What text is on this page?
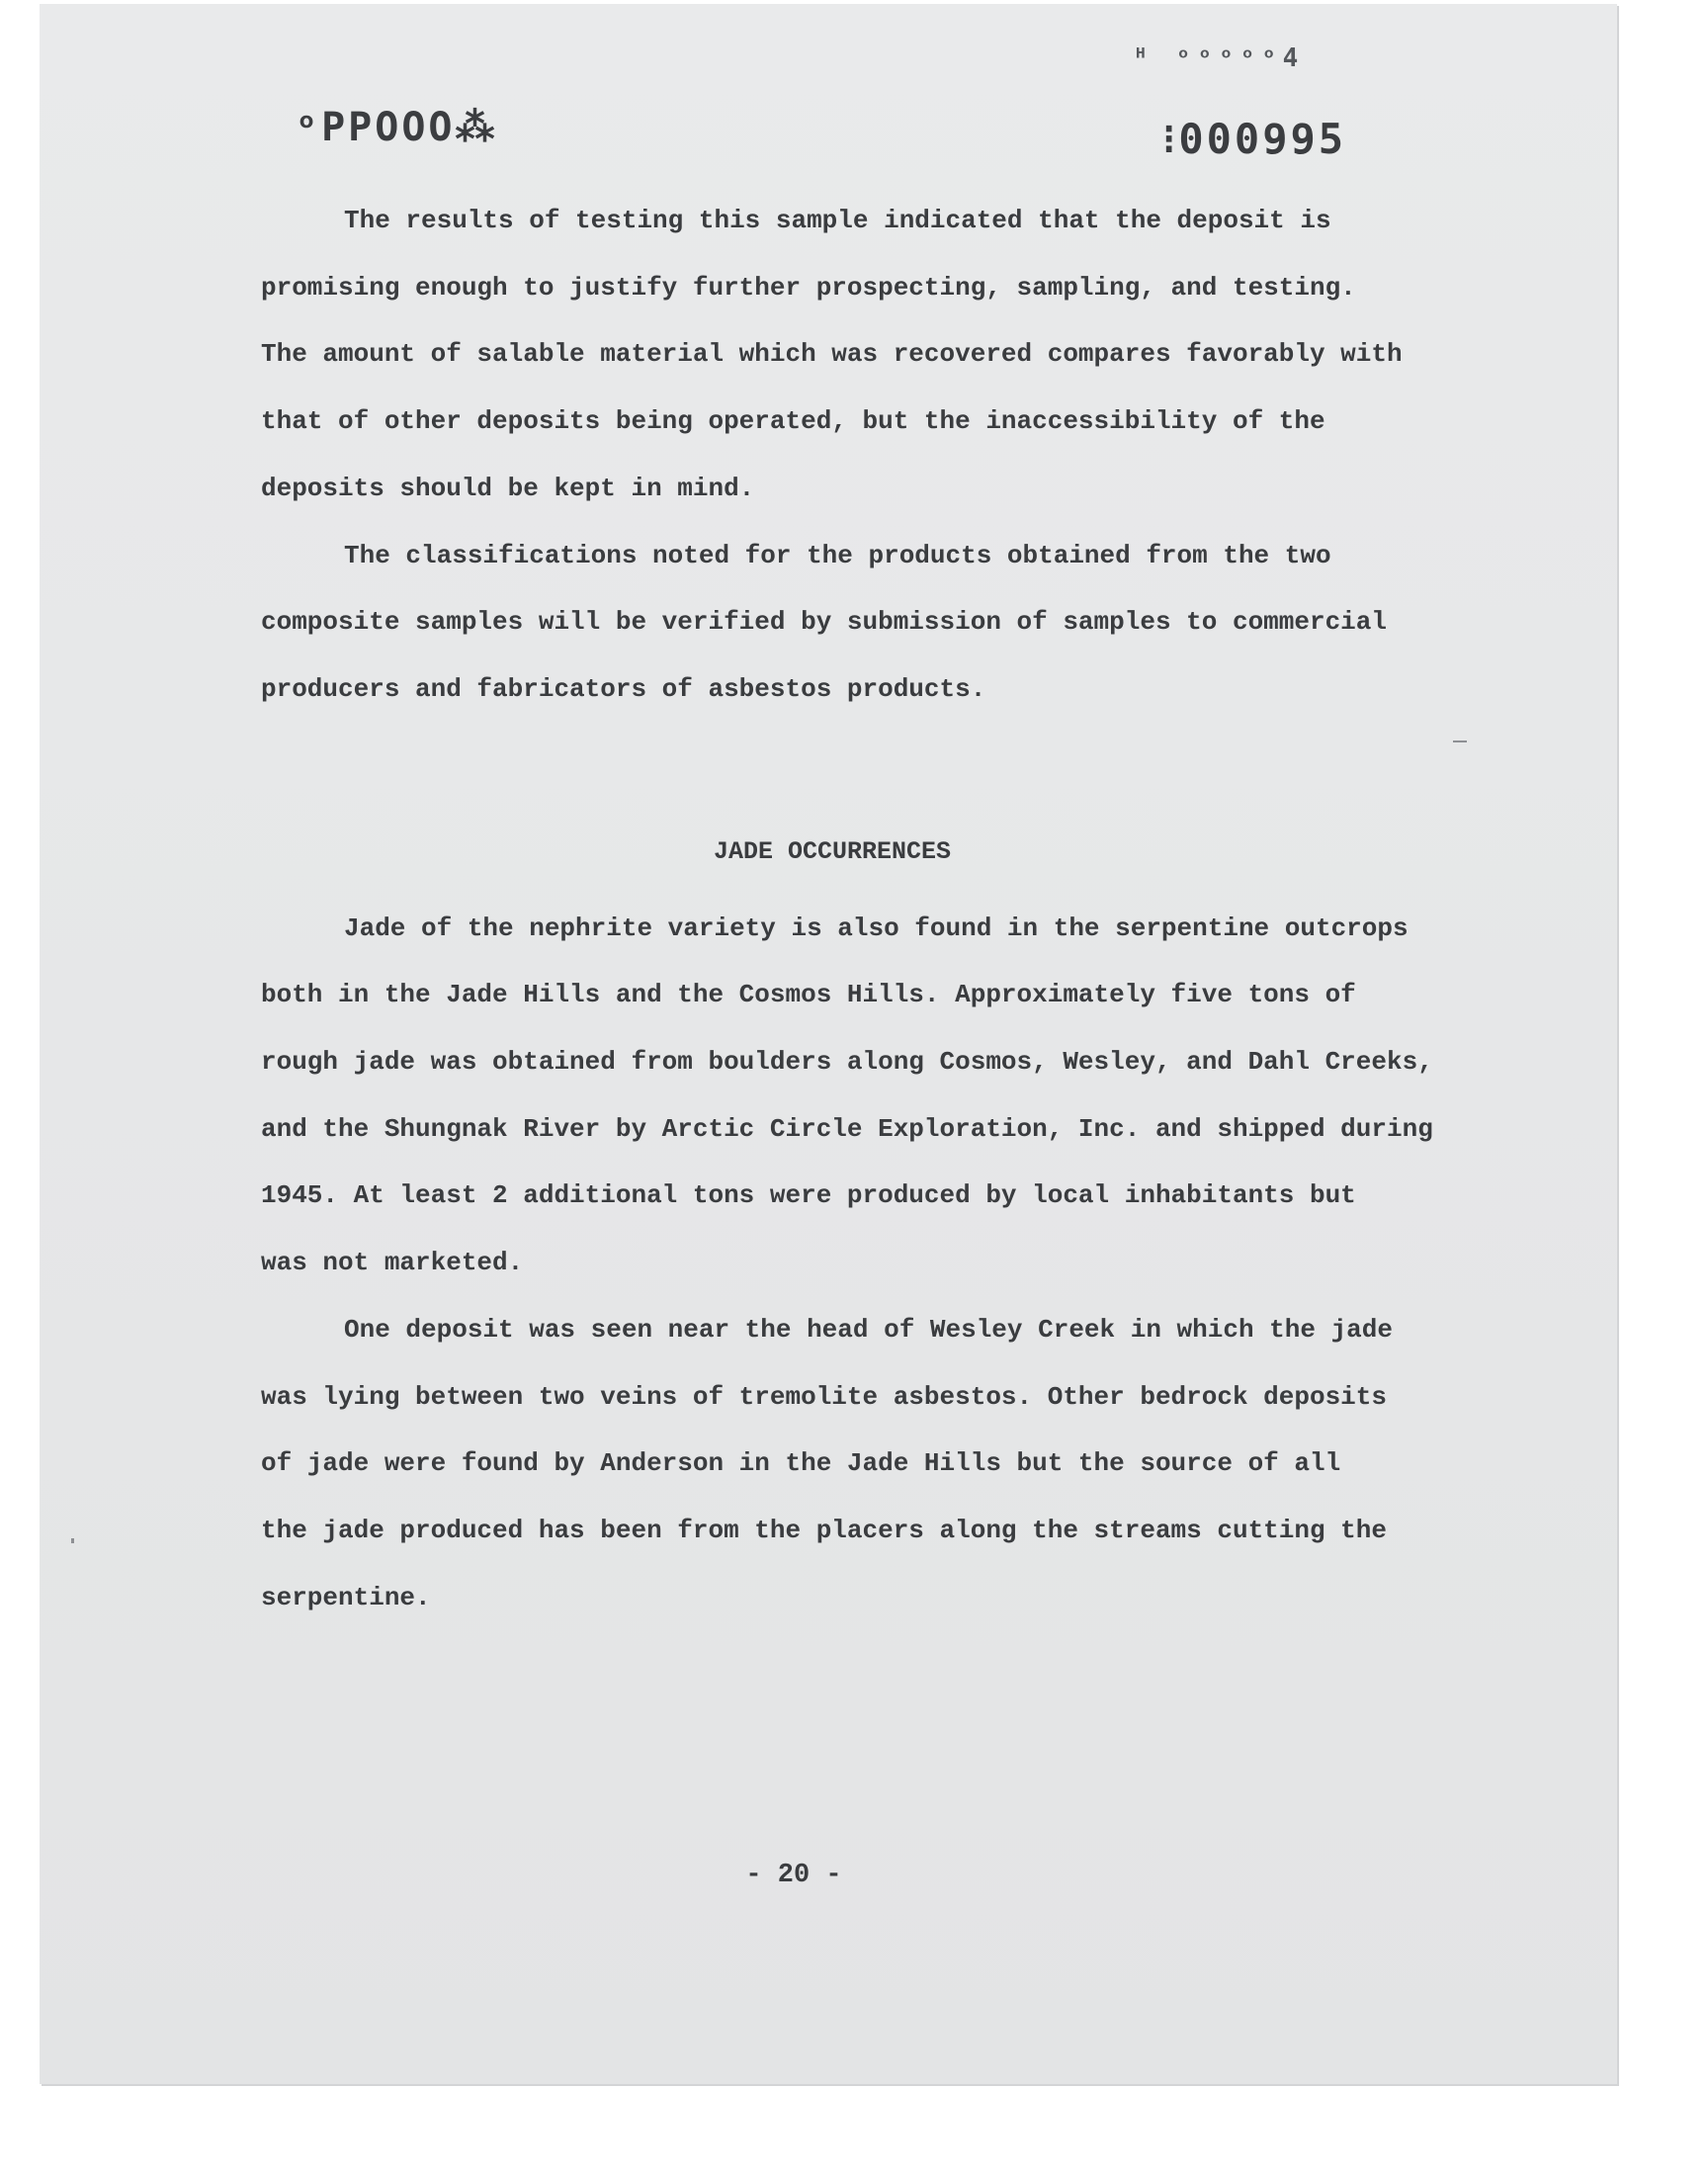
ᵒPPOOO⁂
ᴴ ᵒᵒᵒᵒᵒ4
⁝000995

The results of testing this sample indicated that the deposit is
promising enough to justify further prospecting, sampling, and testing.
The amount of salable material which was recovered compares favorably with
that of other deposits being operated, but the inaccessibility of the
deposits should be kept in mind.

The classifications noted for the products obtained from the two
composite samples will be verified by submission of samples to commercial
producers and fabricators of asbestos products.

JADE OCCURRENCES

Jade of the nephrite variety is also found in the serpentine outcrops
both in the Jade Hills and the Cosmos Hills. Approximately five tons of
rough jade was obtained from boulders along Cosmos, Wesley, and Dahl Creeks,
and the Shungnak River by Arctic Circle Exploration, Inc. and shipped during
1945. At least 2 additional tons were produced by local inhabitants but
was not marketed.

One deposit was seen near the head of Wesley Creek in which the jade
was lying between two veins of tremolite asbestos. Other bedrock deposits
of jade were found by Anderson in the Jade Hills but the source of all
the jade produced has been from the placers along the streams cutting the
serpentine.

- 20 -
